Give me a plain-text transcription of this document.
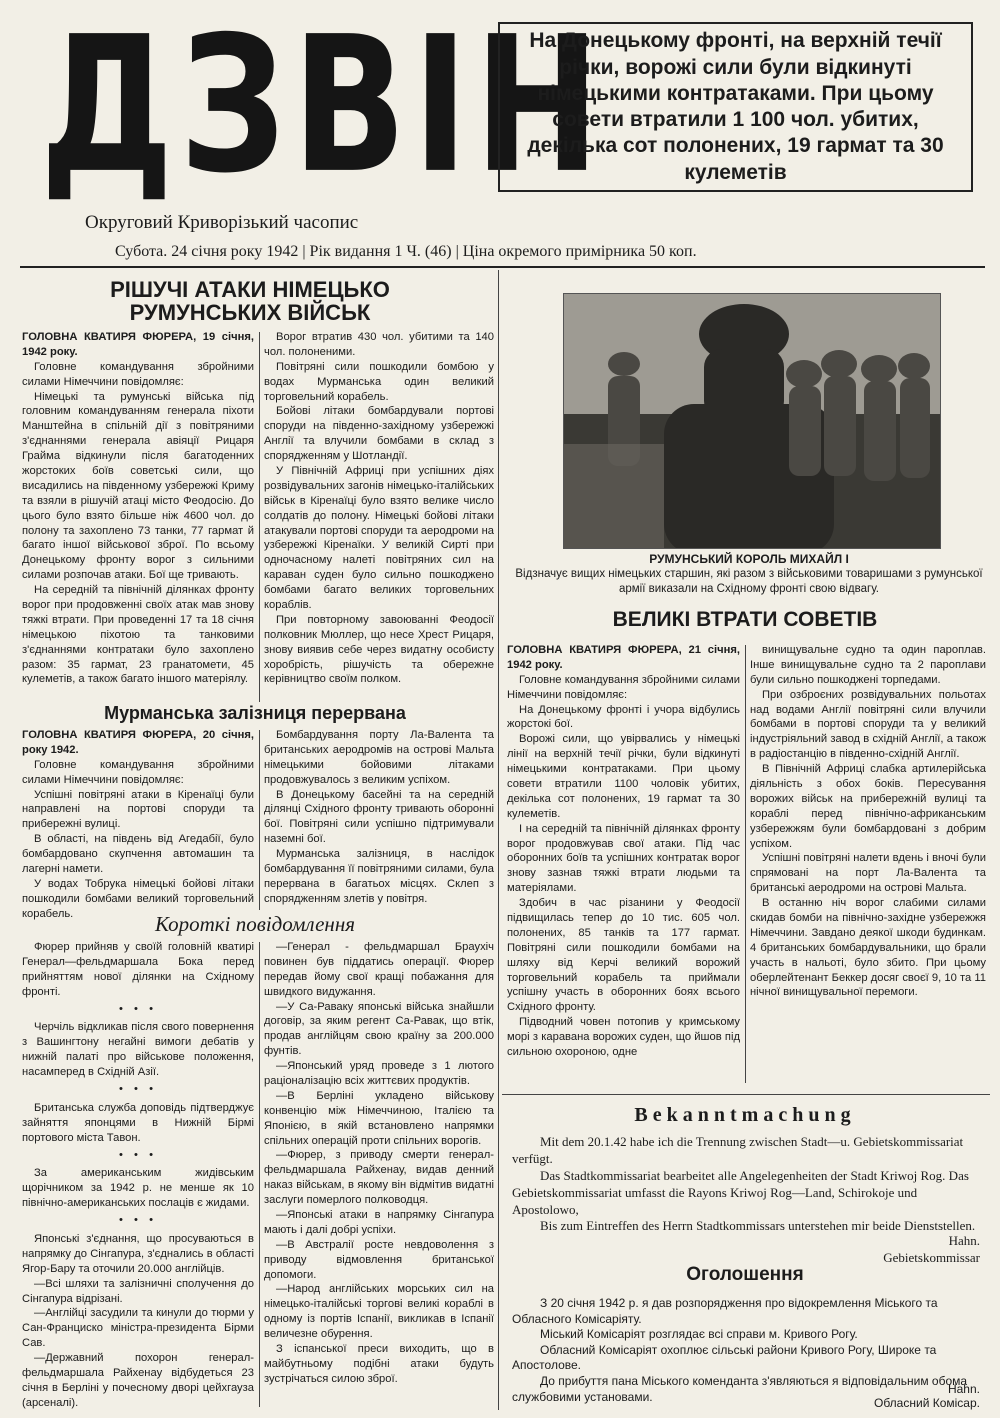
ДЗВІН
На Донецькому фронті, на верхній течії річки, ворожі сили були відкинуті німецькими контратаками. При цьому совети втратили 1 100 чол. убитих, декілька сот полонених, 19 гармат та 30 кулеметів
Округовий Криворізький часопис
Субота. 24 січня року 1942 | Рік видання 1 Ч. (46) | Ціна окремого примірника 50 коп.
РІШУЧІ АТАКИ НІМЕЦЬКО РУМУНСЬКИХ ВІЙСЬК

ГОЛОВНА КВАТИРЯ ФЮРЕРА, 19 січня, 1942 року.

Головне командування збройними силами Німеччини повідомляє:

Німецькі та румунські війська під головним командуванням генерала піхоти Манштейна в спільній дії з повітряними з'єднаннями генерала авіяції Рицаря Грайма відкинули після багатоденних жорстоких боїв советські сили, що висадились на південному узбережжі Криму та взяли в рішучій атаці місто Феодосію. До цього було взято більше ніж 4600 чол. до полону та захоплено 73 танки, 77 гармат й багато іншої військової зброї. По всьому Донецькому фронту ворог з сильними силами розпочав атаки. Бої ще тривають.

На середній та північній ділянках фронту ворог при продовженні своїх атак мав знову тяжкі втрати. При проведенні 17 та 18 січня німецькою піхотою та танковими з'єднаннями контратаки було захоплено разом: 35 гармат, 23 гранатомети, 45 кулеметів, а також багато іншого матеріялу.

Ворог втратив 430 чол. убитими та 140 чол. полоненими.

Повітряні сили пошкодили бомбою у водах Мурманська один великий торговельний корабель.

Бойові літаки бомбардували портові споруди на південно-західному узбережжі Англії та влучили бомбами в склад з спорядженням у Шотландії.

У Північній Африці при успішних діях розвідувальних загонів німецько-італійських військ в Кіренаїці було взято велике число солдатів до полону. Німецькі бойові літаки атакували портові споруди та аеродроми на узбережжі Кіренаїки. У великій Сирті при одночасному налеті повітряних сил на караван суден було сильно пошкоджено бомбами багато великих торговельних кораблів.

При повторному завоюванні Феодосії полковник Мюллер, що несе Хрест Рицаря, знову виявив себе через видатну особисту хоробрість, рішучість та обережне керівництво своїм полком.

Мурманська залізниця перервана

ГОЛОВНА КВАТИРЯ ФЮРЕРА, 20 січня, року 1942.

Головне командування збройними силами Німеччини повідомляє:

Успішні повітряні атаки в Кіренаїці були направлені на портові споруди та прибережні вулиці.

В області, на південь від Агедабії, було бомбардовано скупчення автомашин та лагерні намети.

У водах Тобрука німецькі бойові літаки пошкодили бомбами великий торговельний корабель.

Бомбардування порту Ла-Валента та британських аеродромів на острові Мальта німецькими бойовими літаками продовжувалось з великим успіхом.

В Донецькому басейні та на середній ділянці Східного фронту тривають оборонні бої. Повітряні сили успішно підтримували наземні бої.

Мурманська залізниця, в наслідок бомбардування її повітряними силами, була перервана в багатьох місцях. Склеп з спорядженням злетів у повітря.

Короткі повідомлення

Фюрер прийняв у своїй головній кватирі Генерал—фельдмаршала Бока перед прийняттям нової ділянки на Східному фронті.

• • •

Черчіль відкликав після свого повернення з Вашингтону негайні вимоги дебатів у нижній палаті про військове положення, насамперед в Східній Азії.

• • •

Британська служба доповідь підтверджує зайняття японцями в Нижній Бірмі портового міста Тавон.

• • •

За американським жидівським щорічником за 1942 р. не менше як 10 північно-американських послаців є жидами.

• • •

Японські з'єднання, що просуваються в напрямку до Сінгапура, з'єднались в області Ягор-Бару та оточили 20.000 англійців.

—Всі шляхи та залізничні сполучення до Сінгапура відрізані.

—Англійці засудили та кинули до тюрми у Сан-Франциско міністра-президента Бірми Сав.

—Державний похорон генерал-фельдмаршала Райхенау відбудеться 23 січня в Берліні у почесному дворі цейхгауза (арсеналі).

—Генерал - фельдмаршал Браухіч повинен був піддатись операції. Фюрер передав йому свої кращі побажання для швидкого видужання.

—У Са-Раваку японські війська знайшли договір, за яким регент Са-Равак, що втік, продав англійцям свою країну за 200.000 фунтів.

—Японський уряд проведе з 1 лютого раціоналізацію всіх життєвих продуктів.

—В Берліні укладено військову конвенцію між Німеччиною, Італією та Японією, в якій встановлено напрямки спільних операцій проти спільних ворогів.

—Фюрер, з приводу смерти генерал-фельдмаршала Райхенау, видав денний наказ військам, в якому він відмітив видатні заслуги померлого полководця.

—Японські атаки в напрямку Сінгапура мають і далі добрі успіхи.

—В Австралії росте невдоволення з приводу відмовлення британської допомоги.

—Народ англійських морських сил на німецько-італійські торгові великі кораблі в одному із портів Іспанії, викликав в Іспанії величезне обурення.

З іспанської преси виходить, що в майбутньому подібні атаки будуть зустрічаться силою зброї.

РУМУНСЬКИЙ КОРОЛЬ МИХАЙЛ І
Відзначує вищих німецьких старшин, які разом з військовими товаришами з румунської армії виказали на Східному фронті свою відвагу.
ВЕЛИКІ ВТРАТИ СОВЕТІВ

ГОЛОВНА КВАТИРЯ ФЮРЕРА, 21 січня, 1942 року.

Головне командування збройними силами Німеччини повідомляє:

На Донецькому фронті і учора відбулись жорстокі бої.

Ворожі сили, що увірвались у німецькі лінії на верхній течії річки, були відкинуті німецькими контратаками. При цьому совети втратили 1100 чоловік убитих, декілька сот полонених, 19 гармат та 30 кулеметів.

І на середній та північній ділянках фронту ворог продовжував свої атаки. Під час оборонних боїв та успішних контратак ворог знову зазнав тяжкі втрати людьми та матеріялами.

Здобич в час різанини у Феодосії підвищилась тепер до 10 тис. 605 чол. полонених, 85 танків та 177 гармат. Повітряні сили пошкодили бомбами на шляху від Керчі великий ворожий торговельний корабель та приймали успішну участь в оборонних боях всього Східного фронту.

Підводний човен потопив у кримському морі з каравана ворожих суден, що йшов під сильною охороною, одне

винищувальне судно та один пароплав. Інше винищувальне судно та 2 пароплави були сильно пошкоджені торпедами.

При озброєних розвідувальних польотах над водами Англії повітряні сили влучили бомбами в портові споруди та у великий індустріяльний завод в східній Англії, а також в радіостанцію в південно-східній Англії.

В Північній Африці слабка артилерійська діяльність з обох боків. Пересування ворожих військ на прибережній вулиці та кораблі перед північно-африканським узбережжям були бомбардовані з добрим успіхом.

Успішні повітряні налети вдень і вночі були спрямовані на порт Ла-Валента та британські аеродроми на острові Мальта.

В останню ніч ворог слабими силами скидав бомби на північно-західне узбережжя Німеччини. Завдано деякої шкоди будинкам. 4 британських бомбардувальники, що брали участь в нальоті, було збито. При цьому оберлейтенант Беккер досяг своєї 9, 10 та 11 нічної винищувальної перемоги.

Bekanntmachung

Mit dem 20.1.42 habe ich die Trennung zwischen Stadt—u. Gebietskommissariat verfügt.

Das Stadtkommissariat bearbeitet alle Angelegenheiten der Stadt Kriwoj Rog. Das Gebietskommissariat umfasst die Rayons Kriwoj Rog—Land, Schirokoje und Apostolowo,

Bis zum Eintreffen des Herrn Stadtkommissars unterstehen mir beide Dienststellen.

Hahn.
Gebietskommissar
Оголошення

З 20 січня 1942 р. я дав розпорядження про відокремлення Міського та Обласного Комісаріяту.

Міський Комісаріят розглядає всі справи м. Кривого Рогу.

Обласний Комісаріят охоплює сільські райони Кривого Рогу, Широке та Апостолове.

До прибуття пана Міського коменданта з'являються я відповідальним обома службовими установами.

Hahn.
Обласний Комісар.
